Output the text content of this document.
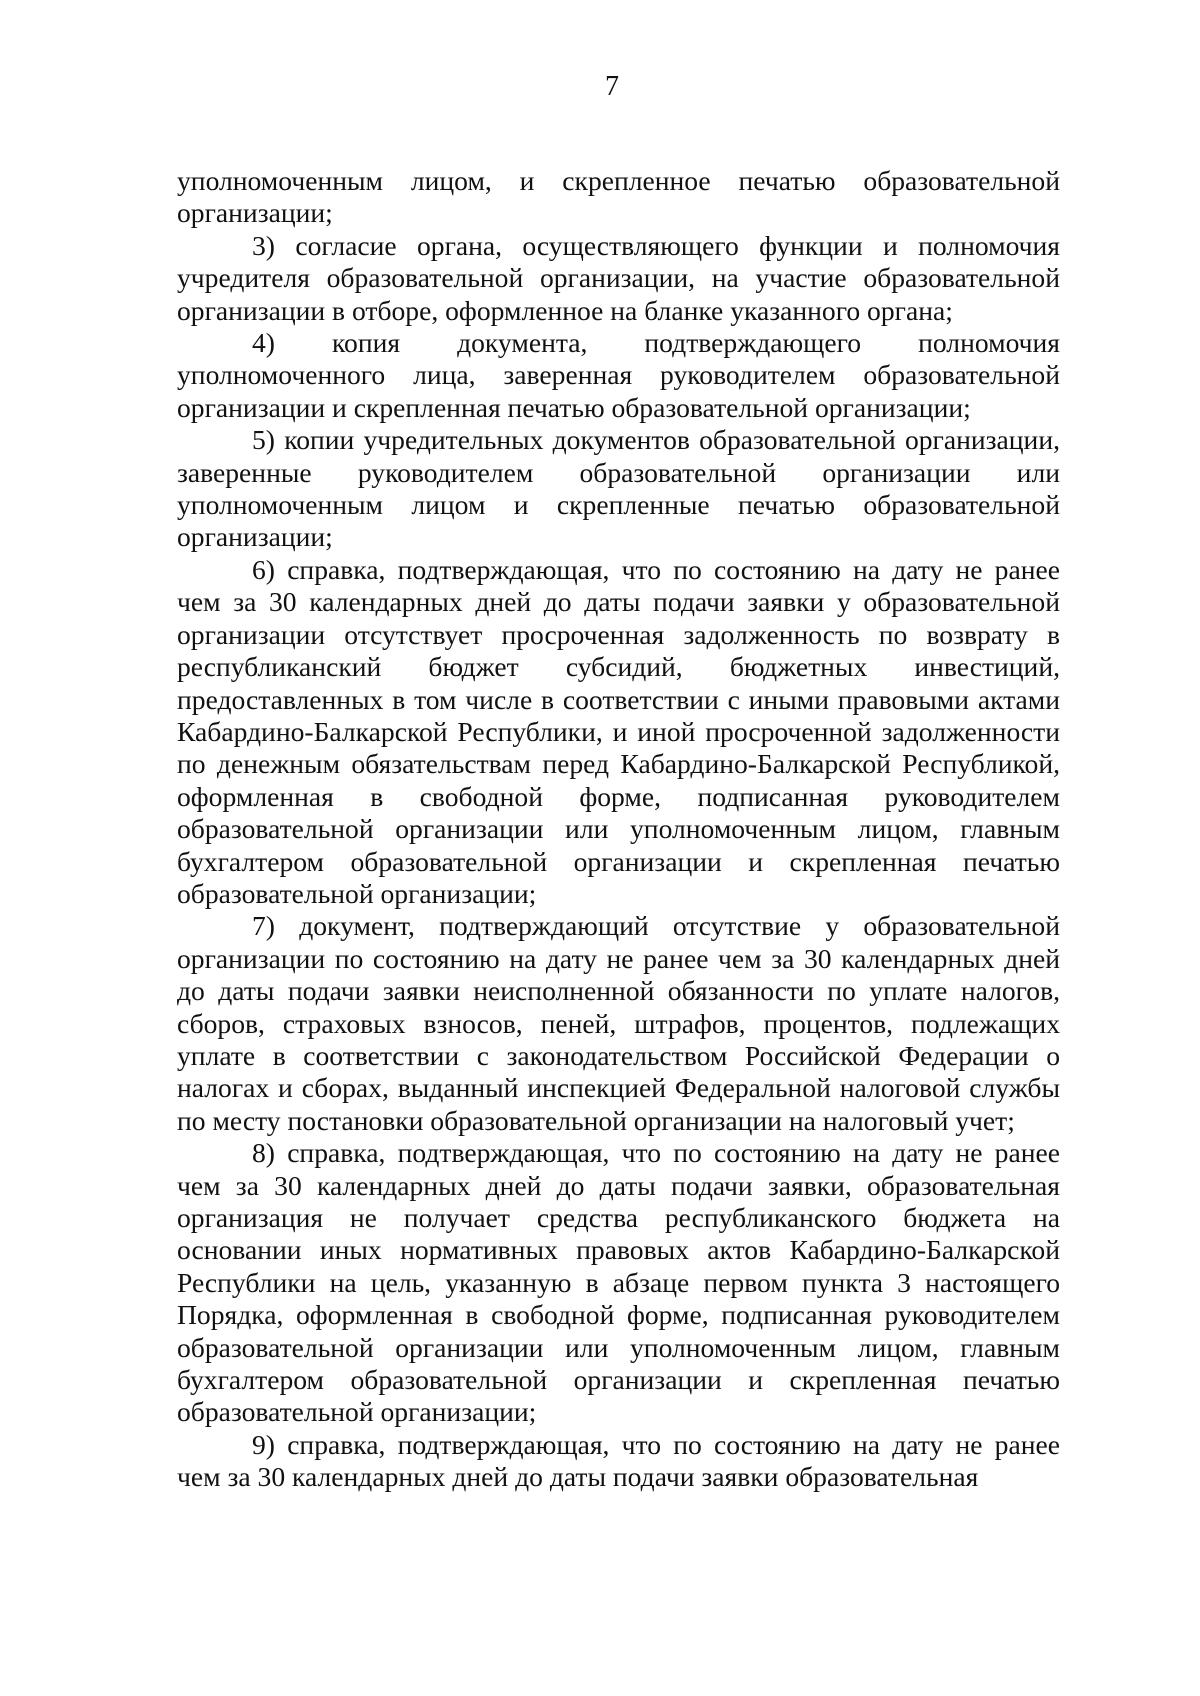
7

уполномоченным лицом, и скрепленное печатью образовательной организации;

3) согласие органа, осуществляющего функции и полномочия учредителя образовательной организации, на участие образовательной организации в отборе, оформленное на бланке указанного органа;

4) копия документа, подтверждающего полномочия уполномоченного лица, заверенная руководителем образовательной организации и скрепленная печатью образовательной организации;

5) копии учредительных документов образовательной организации, заверенные руководителем образовательной организации или уполномоченным лицом и скрепленные печатью образовательной организации;

6) справка, подтверждающая, что по состоянию на дату не ранее чем за 30 календарных дней до даты подачи заявки у образовательной организации отсутствует просроченная задолженность по возврату в республиканский бюджет субсидий, бюджетных инвестиций, предоставленных в том числе в соответствии с иными правовыми актами Кабардино-Балкарской Республики, и иной просроченной задолженности по денежным обязательствам перед Кабардино-Балкарской Республикой, оформленная в свободной форме, подписанная руководителем образовательной организации или уполномоченным лицом, главным бухгалтером образовательной организации и скрепленная печатью образовательной организации;

7) документ, подтверждающий отсутствие у образовательной организации по состоянию на дату не ранее чем за 30 календарных дней до даты подачи заявки неисполненной обязанности по уплате налогов, сборов, страховых взносов, пеней, штрафов, процентов, подлежащих уплате в соответствии с законодательством Российской Федерации о налогах и сборах, выданный инспекцией Федеральной налоговой службы по месту постановки образовательной организации на налоговый учет;

8) справка, подтверждающая, что по состоянию на дату не ранее чем за 30 календарных дней до даты подачи заявки, образовательная организация не получает средства республиканского бюджета на основании иных нормативных правовых актов Кабардино-Балкарской Республики на цель, указанную в абзаце первом пункта 3 настоящего Порядка, оформленная в свободной форме, подписанная руководителем образовательной организации или уполномоченным лицом, главным бухгалтером образовательной организации и скрепленная печатью образовательной организации;

9) справка, подтверждающая, что по состоянию на дату не ранее чем за 30 календарных дней до даты подачи заявки образовательная
